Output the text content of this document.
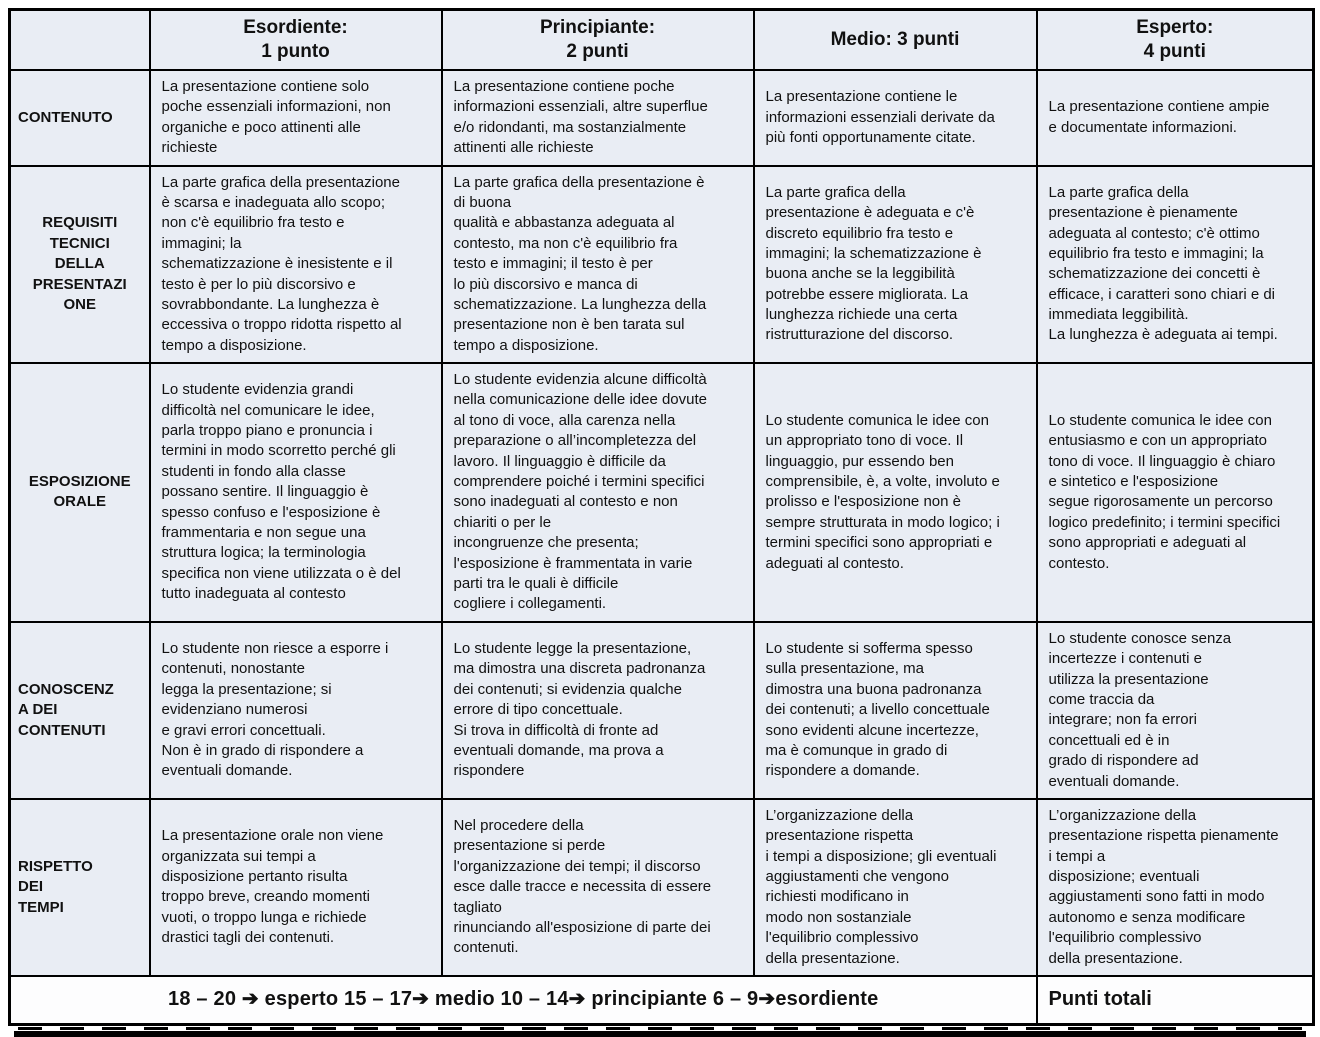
	Esordiente:
1 punto	Principiante:
2 punti	Medio: 3 punti	Esperto:
4 punti
CONTENUTO	La presentazione contiene solo
poche essenziali informazioni, non
organiche e poco attinenti alle
richieste	La presentazione contiene poche
informazioni essenziali, altre superflue
e/o ridondanti, ma sostanzialmente
attinenti alle richieste	La presentazione contiene le
informazioni essenziali derivate da
più fonti opportunamente citate.	La presentazione contiene ampie
e documentate informazioni.
REQUISITI
TECNICI
DELLA
PRESENTAZI
ONE	La parte grafica della presentazione
è scarsa e inadeguata allo scopo;
non c'è equilibrio fra testo e
immagini; la
schematizzazione è inesistente e il
testo è per lo più discorsivo e
sovrabbondante. La lunghezza è
eccessiva o troppo ridotta rispetto al
tempo a disposizione.	La parte grafica della presentazione è
di buona
qualità e abbastanza adeguata al
contesto, ma non c'è equilibrio fra
testo e immagini; il testo è per
lo più discorsivo e manca di
schematizzazione. La lunghezza della
presentazione non è ben tarata sul
tempo a disposizione.	La parte grafica della
presentazione è adeguata e c'è
discreto equilibrio fra testo e
immagini; la schematizzazione è
buona anche se la leggibilità
potrebbe essere migliorata. La
lunghezza richiede una certa
ristrutturazione del discorso.	La parte grafica della
presentazione è pienamente
adeguata al contesto; c'è ottimo
equilibrio fra testo e immagini; la
schematizzazione dei concetti è
efficace, i caratteri sono chiari e di
immediata leggibilità.
La lunghezza è adeguata ai tempi.
ESPOSIZIONE
ORALE	Lo studente evidenzia grandi
difficoltà nel comunicare le idee,
parla troppo piano e pronuncia i
termini in modo scorretto perché gli
studenti in fondo alla classe
possano sentire. Il linguaggio è
spesso confuso e l'esposizione è
frammentaria e non segue una
struttura logica; la terminologia
specifica non viene utilizzata o è del
tutto inadeguata al contesto	Lo studente evidenzia alcune difficoltà
nella comunicazione delle idee dovute
al tono di voce, alla carenza nella
preparazione o all’incompletezza del
lavoro. Il linguaggio è difficile da
comprendere poiché i termini specifici
sono inadeguati al contesto e non
chiariti o per le
incongruenze che presenta;
l'esposizione è frammentata in varie
parti tra le quali è difficile
cogliere i collegamenti.	Lo studente comunica le idee con
un appropriato tono di voce. Il
linguaggio, pur essendo ben
comprensibile, è, a volte, involuto e
prolisso e l'esposizione non è
sempre strutturata in modo logico; i
termini specifici sono appropriati e
adeguati al contesto.	Lo studente comunica le idee con
entusiasmo e con un appropriato
tono di voce. Il linguaggio è chiaro
e sintetico e l'esposizione
segue rigorosamente un percorso
logico predefinito; i termini specifici
sono appropriati e adeguati al
contesto.
CONOSCENZ
A DEI
CONTENUTI	Lo studente non riesce a esporre i
contenuti, nonostante
legga la presentazione; si
evidenziano numerosi
e gravi errori concettuali.
Non è in grado di rispondere a
eventuali domande.	Lo studente legge la presentazione,
ma dimostra una discreta padronanza
dei contenuti; si evidenzia qualche
errore di tipo concettuale.
Si trova in difficoltà di fronte ad
eventuali domande, ma prova a
rispondere	Lo studente si sofferma spesso
sulla presentazione, ma
dimostra una buona padronanza
dei contenuti; a livello concettuale
sono evidenti alcune incertezze,
ma è comunque in grado di
rispondere a domande.	Lo studente conosce senza
incertezze i contenuti e
utilizza la presentazione
come traccia da
integrare; non fa errori
concettuali ed è in
grado di rispondere ad
eventuali domande.
RISPETTO
DEI
TEMPI	La presentazione orale non viene
organizzata sui tempi a
disposizione pertanto risulta
troppo breve, creando momenti
vuoti, o troppo lunga e richiede
drastici tagli dei contenuti.	Nel procedere della
presentazione si perde
l'organizzazione dei tempi; il discorso
esce dalle tracce e necessita di essere
tagliato
rinunciando all'esposizione di parte dei
contenuti.	L’organizzazione della
presentazione rispetta
i tempi a disposizione; gli eventuali
aggiustamenti che vengono
richiesti modificano in
modo non sostanziale
l'equilibrio complessivo
della presentazione.	L’organizzazione della
presentazione rispetta pienamente
i tempi a
disposizione; eventuali
aggiustamenti sono fatti in modo
autonomo e senza modificare
l'equilibrio complessivo
della presentazione.
18 – 20 ➔ esperto 15 – 17➔ medio 10 – 14➔ principiante 6 – 9➔esordiente				Punti totali
